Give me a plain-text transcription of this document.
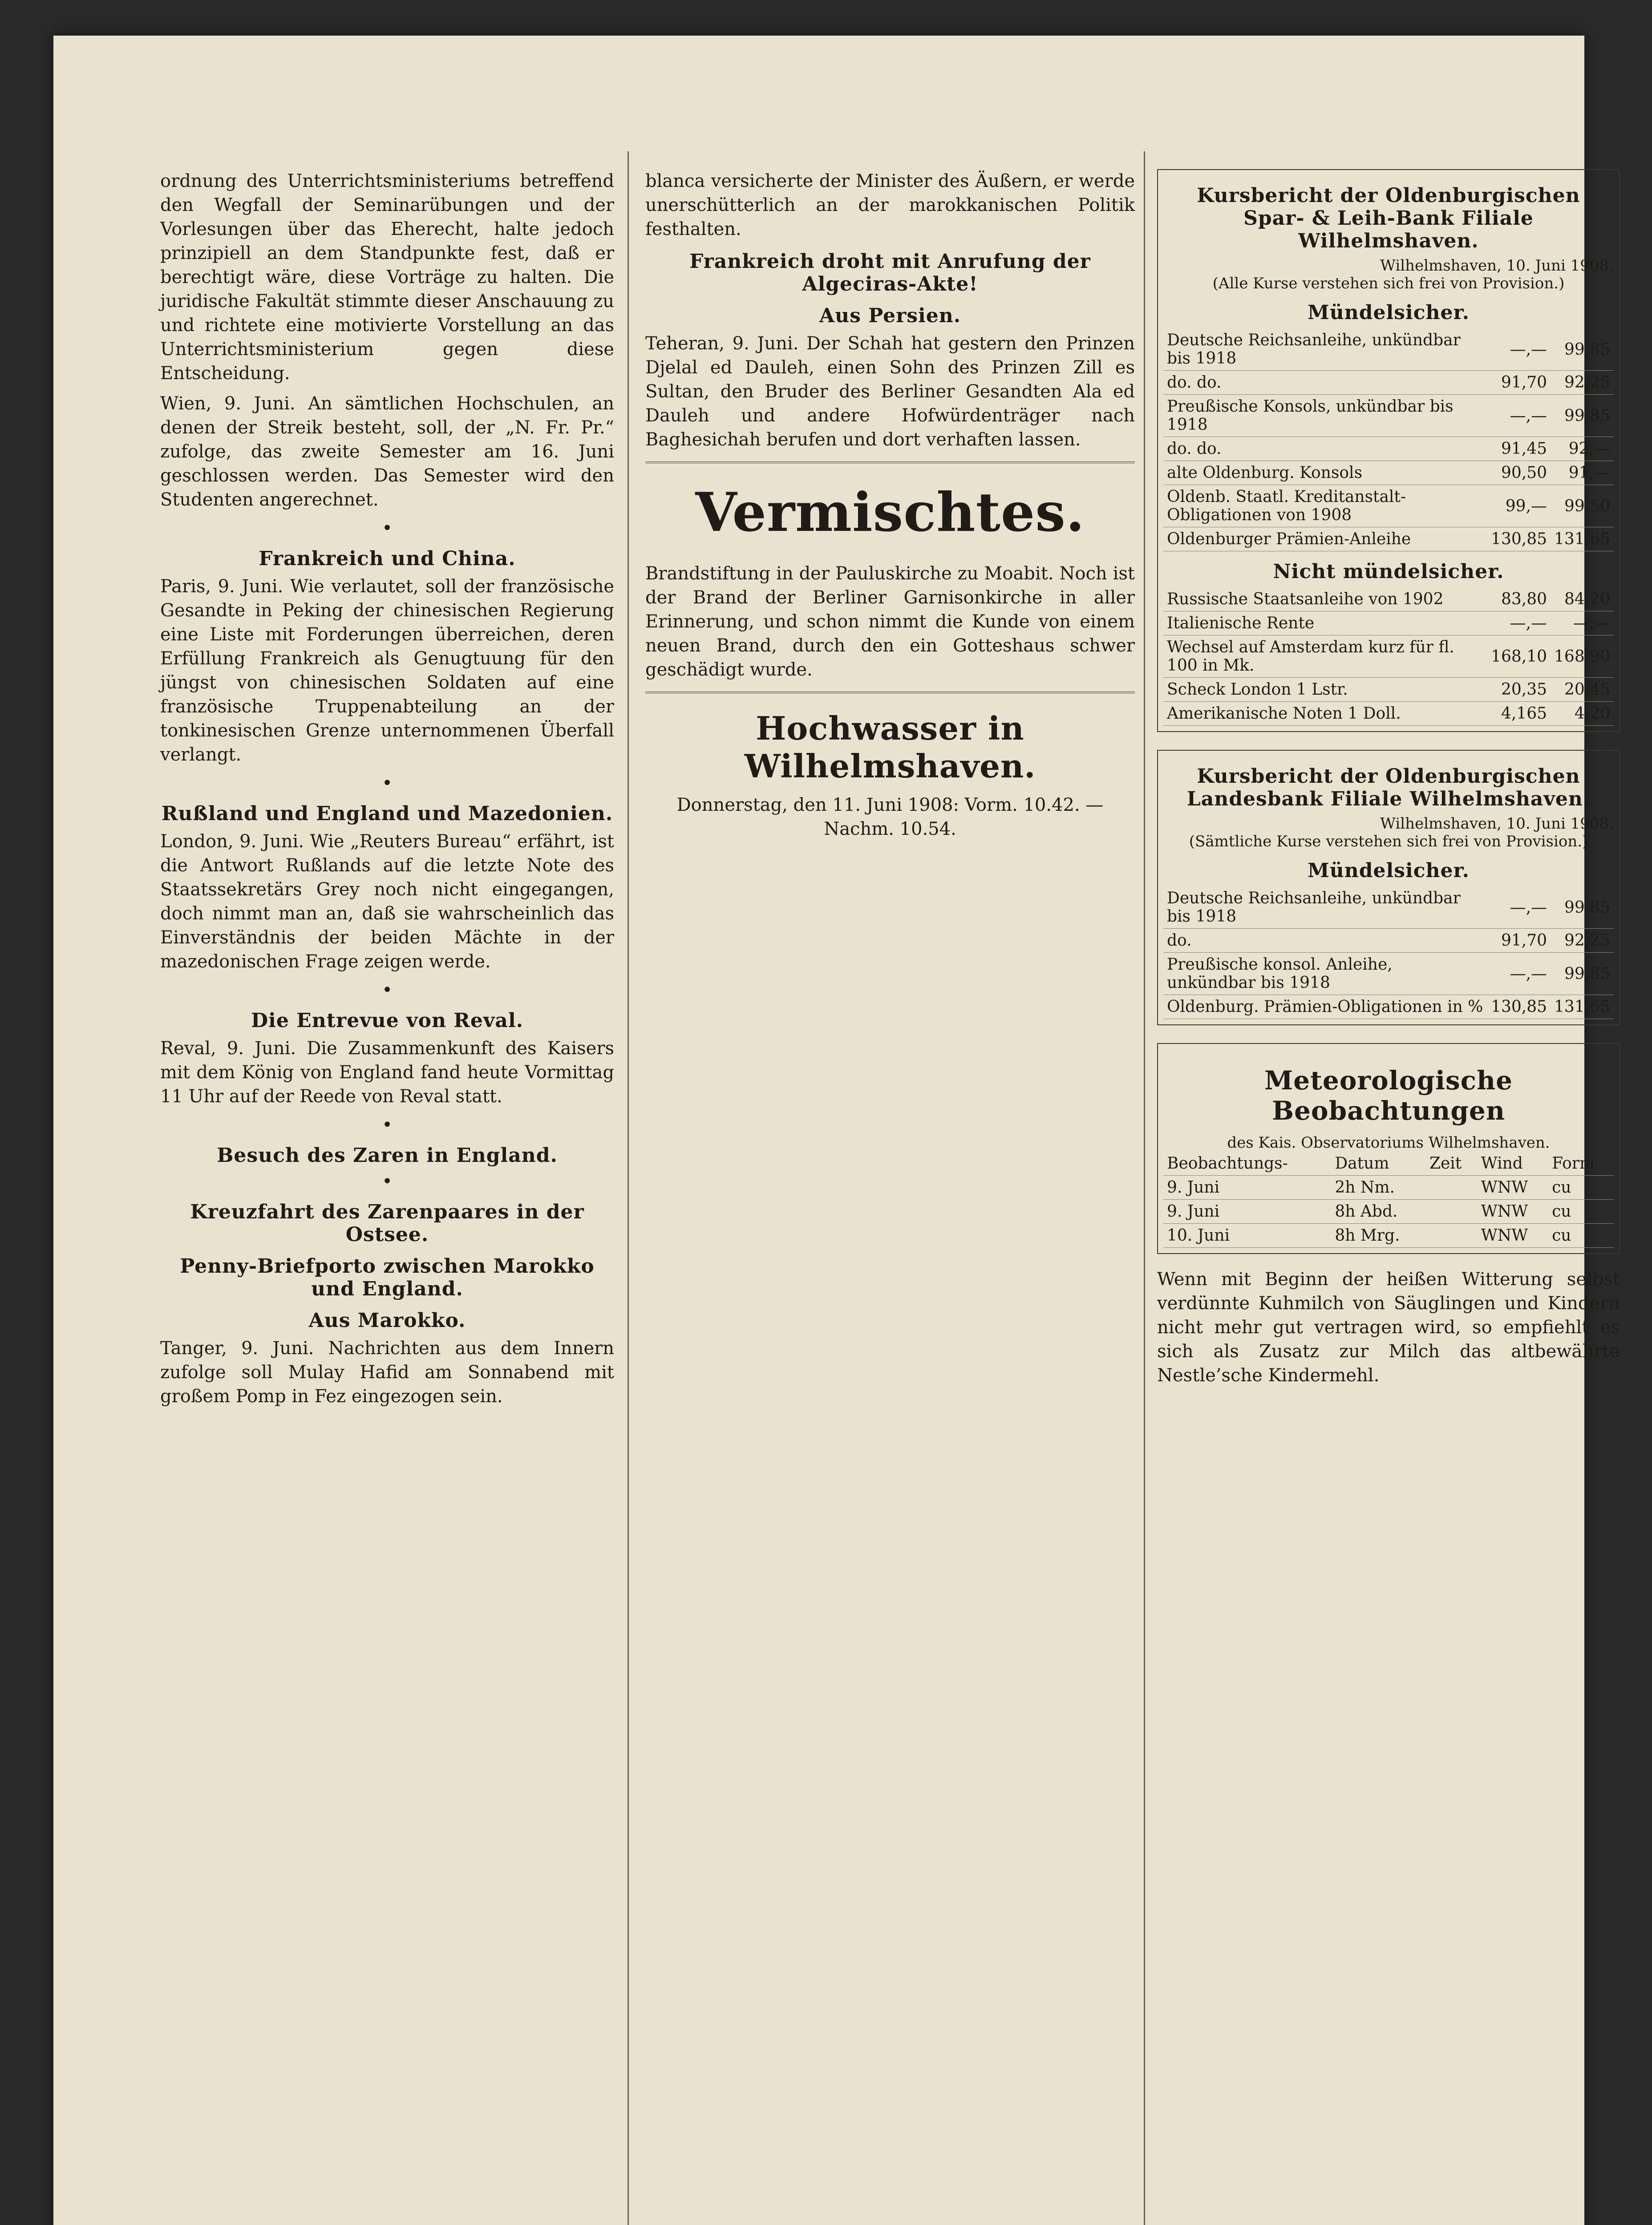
ordnung des Unterrichtsministeriums betreffend den Wegfall der Seminarübungen und der Vorlesungen über das Eherecht, halte jedoch prinzipiell an dem Standpunkte fest, daß er berechtigt wäre, diese Vorträge zu halten. Die juridische Fakultät stimmte dieser Anschauung zu und richtete eine motivierte Vorstellung an das Unterrichtsministerium gegen diese Entscheidung.

Wien, 9. Juni. An sämtlichen Hochschulen, an denen der Streik besteht, soll, der „N. Fr. Pr.“ zufolge, das zweite Semester am 16. Juni geschlossen werden. Das Semester wird den Studenten angerechnet.

•
Frankreich und China.

Paris, 9. Juni. Wie verlautet, soll der französische Gesandte in Peking der chinesischen Regierung eine Liste mit Forderungen überreichen, deren Erfüllung Frankreich als Genugtuung für den jüngst von chinesischen Soldaten auf eine französische Truppenabteilung an der tonkinesischen Grenze unternommenen Überfall verlangt.

•
Rußland und England und Mazedonien.

London, 9. Juni. Wie „Reuters Bureau“ erfährt, ist die Antwort Rußlands auf die letzte Note des Staatssekretärs Grey noch nicht eingegangen, doch nimmt man an, daß sie wahrscheinlich das Einverständnis der beiden Mächte in der mazedonischen Frage zeigen werde.

•
Die Entrevue von Reval.

Reval, 9. Juni. Die Zusammenkunft des Kaisers mit dem König von England fand heute Vormittag 11 Uhr auf der Reede von Reval statt.

•
Besuch des Zaren in England.
•
Kreuzfahrt des Zarenpaares in der Ostsee.
Penny-Briefporto zwischen Marokko und England.
Aus Marokko.

Tanger, 9. Juni. Nachrichten aus dem Innern zufolge soll Mulay Hafid am Sonnabend mit großem Pomp in Fez eingezogen sein.

blanca versicherte der Minister des Äußern, er werde unerschütterlich an der marokkanischen Politik festhalten.

Frankreich droht mit Anrufung der Algeciras-Akte!
Aus Persien.

Teheran, 9. Juni. Der Schah hat gestern den Prinzen Djelal ed Dauleh, einen Sohn des Prinzen Zill es Sultan, den Bruder des Berliner Gesandten Ala ed Dauleh und andere Hofwürdenträger nach Baghesichah berufen und dort verhaften lassen.

Vermischtes.

Brandstiftung in der Pauluskirche zu Moabit. Noch ist der Brand der Berliner Garnisonkirche in aller Erinnerung, und schon nimmt die Kunde von einem neuen Brand, durch den ein Gotteshaus schwer geschädigt wurde.

Hochwasser in Wilhelmshaven.

Donnerstag, den 11. Juni 1908: Vorm. 10.42. — Nachm. 10.54.

Kursbericht der Oldenburgischen Spar- & Leih-Bank Filiale Wilhelmshaven.
Wilhelmshaven, 10. Juni 1908.
(Alle Kurse verstehen sich frei von Provision.)
Mündelsicher.
Deutsche Reichsanleihe, unkündbar bis 1918	—,—	99,85
do. do.	91,70	92,25
Preußische Konsols, unkündbar bis 1918	—,—	99,85
do. do.	91,45	92,—
alte Oldenburg. Konsols	90,50	91,—
Oldenb. Staatl. Kreditanstalt-Obligationen von 1908	99,—	99,50
Oldenburger Prämien-Anleihe	130,85	131,65
Nicht mündelsicher.
Russische Staatsanleihe von 1902	83,80	84,20
Italienische Rente	—,—	—,—
Wechsel auf Amsterdam kurz für fl. 100 in Mk.	168,10	168,90
Scheck London 1 Lstr.	20,35	20,45
Amerikanische Noten 1 Doll.	4,165	4,20
Kursbericht der Oldenburgischen Landesbank Filiale Wilhelmshaven.
Wilhelmshaven, 10. Juni 1908.
(Sämtliche Kurse verstehen sich frei von Provision.)
Mündelsicher.
Deutsche Reichsanleihe, unkündbar bis 1918	—,—	99,85
do.	91,70	92,25
Preußische konsol. Anleihe, unkündbar bis 1918	—,—	99,85
Oldenburg. Prämien-Obligationen in %	130,85	131,65
Meteorologische Beobachtungen
des Kais. Observatoriums Wilhelmshaven.
Beobachtungs-	Datum	Zeit	Wind	Form
9. Juni	2h Nm.		WNW	cu
9. Juni	8h Abd.		WNW	cu
10. Juni	8h Mrg.		WNW	cu

Wenn mit Beginn der heißen Witterung selbst verdünnte Kuhmilch von Säuglingen und Kindern nicht mehr gut vertragen wird, so empfiehlt es sich als Zusatz zur Milch das altbewährte Nestle’sche Kindermehl.
